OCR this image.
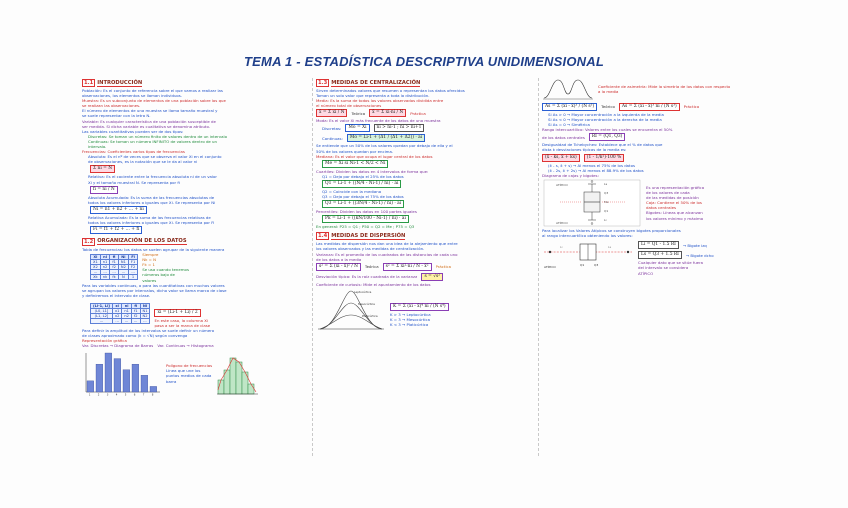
TEMA 1 - ESTADÍSTICA DESCRIPTIVA UNIDIMENSIONAL
1.1 INTRODUCCIÓN
Población: Es el conjunto de referencia sobre el que vamos a realizar las
observaciones, los elementos se llaman individuos.
Muestra: Es un subconjunto de elementos de una población sobre los que
se realizan las observaciones.
El número de elementos de una muestra se llama tamaño muestral y
se suele representar con la letra N.
Variable: Es cualquier característica de una población susceptible de
ser medida. Si dicha variable es cualitativa se denomina atributo.
Las variables cuantitativas pueden ser de dos tipos:
Discretas: Se toman un número finito de valores dentro de un intervalo
Continuas: Se toman un número INFINITO de valores dentro de un
intervalo.
Frecuencias: Coeficientes varios tipos de frecuencias
Absoluta: Es el nº de veces que se observa el valor Xi en el conjunto
de observaciones, es la notación que se le da al valor ni
Σ ni = N
Relativa: Es el cociente entre la frecuencia absoluta ni de un valor
Xi y el tamaño muestral N. Se representa por fi
fi = ni / N
Absoluta Acumulada: Es la suma de las frecuencias absolutas de
todos los valores inferiores o iguales que Xi. Se representa por Ni
Ni = n1 + n2 + ... + ni
Relativa Acumulada: Es la suma de las frecuencias relativas de
todos los valores inferiores o iguales que Xi. Se representa por Fi
Fi = f1 + f2 + ... + fi
1.2 ORGANIZACIÓN DE LOS DATOS
Tabla de frecuencias: los datos se suelen agrupar de la siguiente manera
Xi	ni	fi	Ni	Fi
X1	n1	f1	N1	F1
X2	n2	f2	N2	F2
...	...	...	...	...
Xk	nk	fk	N	1
Siempre
Nk = N
Fk = 1
Se usa cuando tenemos
números bajo de
valores
Para las variables continuas, o para las cuantitativas con muchos valores
se agrupan los valores por intervalos, dicho valor se llama marca de clase
y definiremos el intervalo de clase.
(Li-1, Li]	xi	ni	fi	Ni
(L0, L1]	x1	n1	f1	N1
(L1, L2]	x2	n2	f2	N2
...	...	...	...	...
xi = (Li-1 + Li) / 2
En este caso, la columna Xi
pasa a ser la marca de clase
Para definir la amplitud de los intervalos se suele definir un número
de clases aproximado como (k = √N) según convenga
Representación gráfica
Var. Discretas → Diagrama de Barras Var. Continuas → Histograma
1	2	3	4	5	6	7	8
Polígono de frecuencias
Línea que une los
puntos medios de cada
barra
1.3 MEDIDAS DE CENTRALIZACIÓN
Sirven determinados valores que resumen o representan los datos ofrecidos
Toman un solo valor que representa a toda la distribución.
Media: Es la suma de todos los valores observados dividida entre
el número total de observaciones
x̄ = Σ xi / N	Teórica	x̄ = Σ xi·ni / N	Práctica
Moda: Es el valor Xi más frecuente de los datos de una muestra
Discretas:	Mo = Xi	ni > ni-1 ; ni > ni+1
Continuas:	Mo = Li-1 + (Δ1 / (Δ1 + Δ2)) · ai
Se entiende que un 50% de los valores quedan por debajo de ella y el
50% de los valores quedan por encima.
Mediana: Es el valor que ocupa el lugar central de los datos
Me = Xi si Ni-1 < N/2 < Ni
Cuartiles: Dividen los datos en 4 intervalos de forma que:
Q1 = Deja por debajo el 25% de los datos
Q1 = Li-1 + ((N/4 - Ni-1) / ni) · ai
Q2 = Coincide con la mediana
Q3 = Deja por debajo el 75% de los datos
Q3 = Li-1 + ((3N/4 - Ni-1) / ni) · ai
Percentiles: Dividen los datos en 100 partes iguales
Pk = Li-1 + ((kN/100 - Ni-1) / ni) · ai
En general: P25 = Q1 ; P50 = Q2 = Me ; P75 = Q3
1.4 MEDIDAS DE DISPERSIÓN
Las medidas de dispersión nos dan una idea de la alejamiento que entre
los valores observados y las medidas de centralización.
Varianza: Es el promedio de los cuadrados de las distancias de cada uno
de los datos a la media
s² = Σ (xi - x̄)² / N	Teórica	s² = Σ xi²·ni / N - x̄²	Práctica
Desviación típica: Es la raíz cuadrada de la varianza	s = √s²
Coeficiente de curtosis: Mide el apuntamiento de los datos
Leptocúrtica
Mesocúrtica
Platicúrtica
K = Σ (xi - x̄)⁴ ni / (N s⁴)
K > 3 → Leptocúrtica
K = 3 → Mesocúrtica
K < 3 → Platicúrtica
Coeficiente de asimetría: Mide la simetría de los datos con respecto
a la media
As = Σ (xi - x̄)³ / (N s³)	Teórico	As = Σ (xi - x̄)³ ni / (N s³)	Práctico
Si As > 0 → Mayor concentración a la izquierda de la media
Si As < 0 → Mayor concentración a la derecha de la media
Si As = 0 → Simétrica
Rango intercuartílico: Valores entre los cuales se encuentra el 50%
de los datos centrales	RI = (Q1, Q3)
Desigualdad de Tchebychev: Establece que el % de datos que
dista k desviaciones típicas de la media es:
(x̄ - ks, x̄ + ks)	(1 - 1/k²)·100 %
(x̄ - s, x̄ + s) → Al menos el 75% de los datos
(x̄ - 2s, x̄ + 2s) → Al menos el 88.9% de los datos
Diagrama de cajas y bigotes:
ATÍPICO
ATÍPICO
Ls
Q3
Me
Q1
Li
Es una representación gráfica
de los valores de cada
de las medidas de posición
Caja: Contiene el 50% de los
datos centrales
Bigotes: Líneas que alcanzan
los valores mínimo y máximo
Para localizar los Valores Atípicos se construyen bigotes proporcionales
al rango intercuartílico obteniendo los valores:
ATÍPICO	Q1	Q3
Li	Ls	Li = Q1 - 1.5 RI	→ Bigote izq
Ls = Q3 + 1.5 RI	→ Bigote dcho
Cualquier dato que se sitúe fuera
del intervalo se considera
ATÍPICO
